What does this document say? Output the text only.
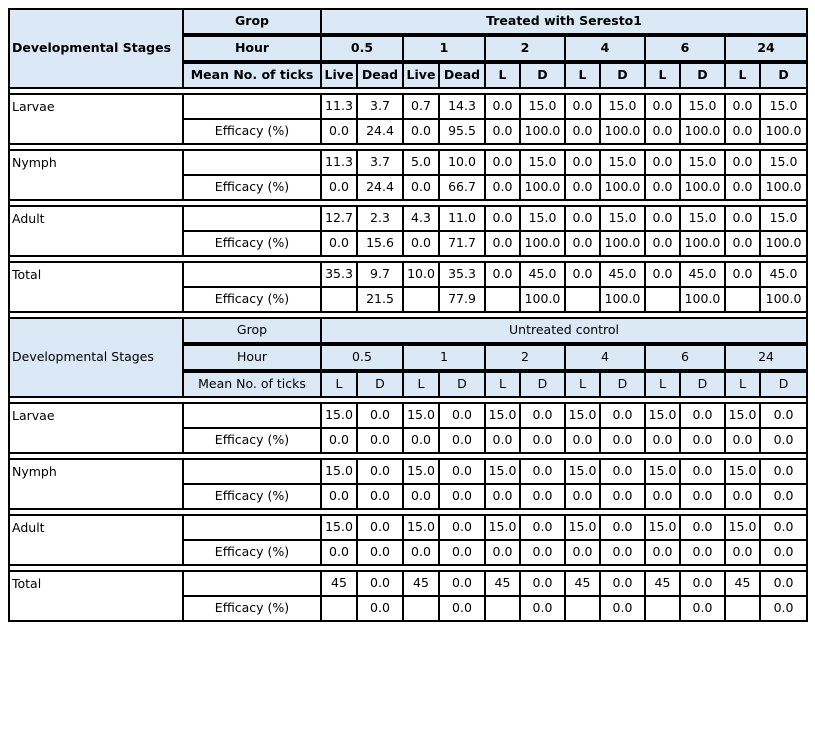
Developmental Stages	Grop	Treated with Seresto1											

	Hour	0.5		1		2		4		6		24	

	Mean No. of ticks	Live	Dead	Live	Dead	L	D	L	D	L	D	L	D

Larvae		11.3	3.7	0.7	14.3	0.0	15.0	0.0	15.0	0.0	15.0	0.0	15.0
	Efficacy (%)	0.0	24.4	0.0	95.5	0.0	100.0	0.0	100.0	0.0	100.0	0.0	100.0

Nymph		11.3	3.7	5.0	10.0	0.0	15.0	0.0	15.0	0.0	15.0	0.0	15.0
	Efficacy (%)	0.0	24.4	0.0	66.7	0.0	100.0	0.0	100.0	0.0	100.0	0.0	100.0

Adult		12.7	2.3	4.3	11.0	0.0	15.0	0.0	15.0	0.0	15.0	0.0	15.0
	Efficacy (%)	0.0	15.6	0.0	71.7	0.0	100.0	0.0	100.0	0.0	100.0	0.0	100.0

Total		35.3	9.7	10.0	35.3	0.0	45.0	0.0	45.0	0.0	45.0	0.0	45.0
	Efficacy (%)		21.5		77.9		100.0		100.0		100.0		100.0

Developmental Stages	Grop	Untreated control											

	Hour	0.5		1		2		4		6		24	

	Mean No. of ticks	L	D	L	D	L	D	L	D	L	D	L	D

Larvae		15.0	0.0	15.0	0.0	15.0	0.0	15.0	0.0	15.0	0.0	15.0	0.0
	Efficacy (%)	0.0	0.0	0.0	0.0	0.0	0.0	0.0	0.0	0.0	0.0	0.0	0.0

Nymph		15.0	0.0	15.0	0.0	15.0	0.0	15.0	0.0	15.0	0.0	15.0	0.0
	Efficacy (%)	0.0	0.0	0.0	0.0	0.0	0.0	0.0	0.0	0.0	0.0	0.0	0.0

Adult		15.0	0.0	15.0	0.0	15.0	0.0	15.0	0.0	15.0	0.0	15.0	0.0
	Efficacy (%)	0.0	0.0	0.0	0.0	0.0	0.0	0.0	0.0	0.0	0.0	0.0	0.0

Total		45	0.0	45	0.0	45	0.0	45	0.0	45	0.0	45	0.0
	Efficacy (%)		0.0		0.0		0.0		0.0		0.0		0.0
